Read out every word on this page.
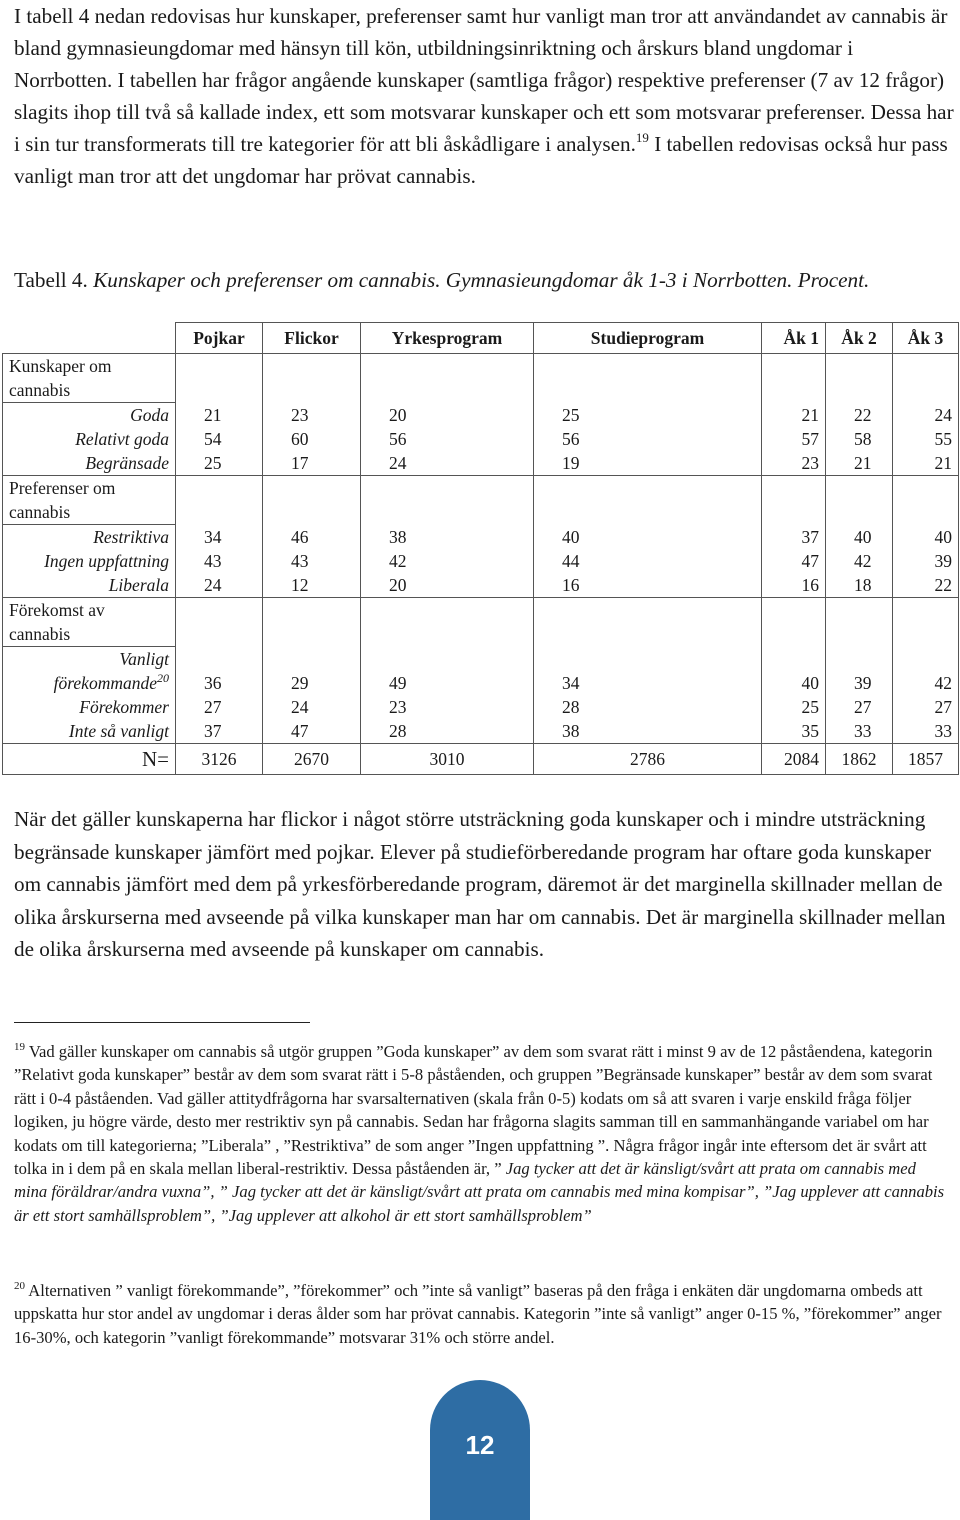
I tabell 4 nedan redovisas hur kunskaper, preferenser samt hur vanligt man tror att användandet av cannabis är bland gymnasieungdomar med hänsyn till kön, utbildningsinriktning och årskurs bland ungdomar i Norrbotten. I tabellen har frågor angående kunskaper (samtliga frågor) respektive preferenser (7 av 12 frågor) slagits ihop till två så kallade index, ett som motsvarar kunskaper och ett som motsvarar preferenser. Dessa har i sin tur transformerats till tre kategorier för att bli åskådligare i analysen.$^{19}$ I tabellen redovisas också hur pass vanligt man tror att det ungdomar har prövat cannabis.

Tabell 4. Kunskaper och preferenser om cannabis. Gymnasieungdomar åk 1-3 i Norrbotten. Procent.
	Pojkar	Flickor	Yrkesprogram	Studieprogram	Åk 1	Åk 2	Åk 3
Kunskaper om cannabis							
Goda	21	23	20	25	21	22	24
Relativt goda	54	60	56	56	57	58	55
Begränsade	25	17	24	19	23	21	21
Preferenser om cannabis							
Restriktiva	34	46	38	40	37	40	40
Ingen uppfattning	43	43	42	44	47	42	39
Liberala	24	12	20	16	16	18	22
Förekomst av cannabis							
Vanligt förekommande$^{20}$	36	29	49	34	40	39	42
Förekommer	27	24	23	28	25	27	27
Inte så vanligt	37	47	28	38	35	33	33
N=	3126	2670	3010	2786	2084	1862	1857

När det gäller kunskaperna har flickor i något större utsträckning goda kunskaper och i mindre utsträckning begränsade kunskaper jämfört med pojkar. Elever på studieförberedande program har oftare goda kunskaper om cannabis jämfört med dem på yrkesförberedande program, däremot är det marginella skillnader mellan de olika årskurserna med avseende på vilka kunskaper man har om cannabis. Det är marginella skillnader mellan de olika årskurserna med avseende på kunskaper om cannabis.

$^{19}$ Vad gäller kunskaper om cannabis så utgör gruppen ”Goda kunskaper” av dem som svarat rätt i minst 9 av de 12 påståendena, kategorin ”Relativt goda kunskaper” består av dem som svarat rätt i 5-8 påståenden, och gruppen ”Begränsade kunskaper” består av dem som svarat rätt i 0-4 påståenden. Vad gäller attitydfrågorna har svarsalternativen (skala från 0-5) kodats om så att svaren i varje enskild fråga följer logiken, ju högre värde, desto mer restriktiv syn på cannabis. Sedan har frågorna slagits samman till en sammanhängande variabel om har kodats om till kategorierna; ”Liberala” , ”Restriktiva” de som anger ”Ingen uppfattning ”. Några frågor ingår inte eftersom det är svårt att tolka in i dem på en skala mellan liberal-restriktiv. Dessa påståenden är, ” Jag tycker att det är känsligt/svårt att prata om cannabis med mina föräldrar/andra vuxna”, ” Jag tycker att det är känsligt/svårt att prata om cannabis med mina kompisar”, ”Jag upplever att cannabis är ett stort samhällsproblem”, ”Jag upplever att alkohol är ett stort samhällsproblem”

$^{20}$ Alternativen ” vanligt förekommande”, ”förekommer” och ”inte så vanligt” baseras på den fråga i enkäten där ungdomarna ombeds att uppskatta hur stor andel av ungdomar i deras ålder som har prövat cannabis. Kategorin ”inte så vanligt” anger 0-15 %, ”förekommer” anger 16-30%, och kategorin ”vanligt förekommande” motsvarar 31% och större andel.

12
